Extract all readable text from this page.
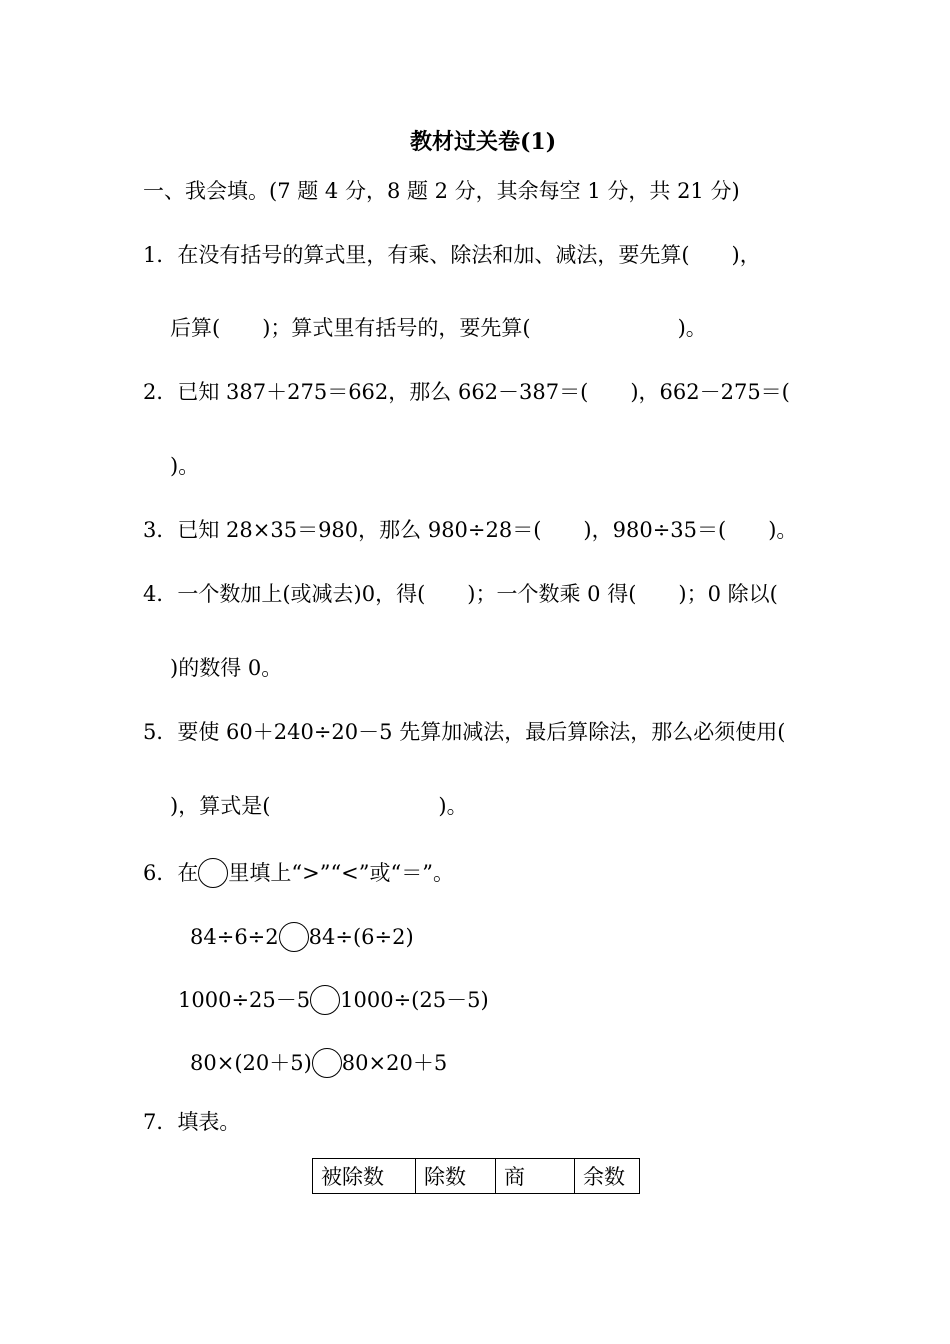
教材过关卷(1)
一、我会填。(7 题 4 分，8 题 2 分，其余每空 1 分，共 21 分)
1．在没有括号的算式里，有乘、除法和加、减法，要先算(　　)，
后算(　　)；算式里有括号的，要先算(　　　　　　　)。
2．已知 387＋275＝662，那么 662－387＝(　　)，662－275＝(
)。
3．已知 28×35＝980，那么 980÷28＝(　　)，980÷35＝(　　)。
4．一个数加上(或减去)0，得(　　)；一个数乘 0 得(　　)；0 除以(
)的数得 0。
5．要使 60＋240÷20－5 先算加减法，最后算除法，那么必须使用(
)，算式是(　　　　　　　　)。
6．在 里填上“>”“<”或“＝”。
84÷6÷2 84÷(6÷2)
1000÷25－5 1000÷(25－5)
80×(20＋5) 80×20＋5
7．填表。
被除数	除数	商	余数
